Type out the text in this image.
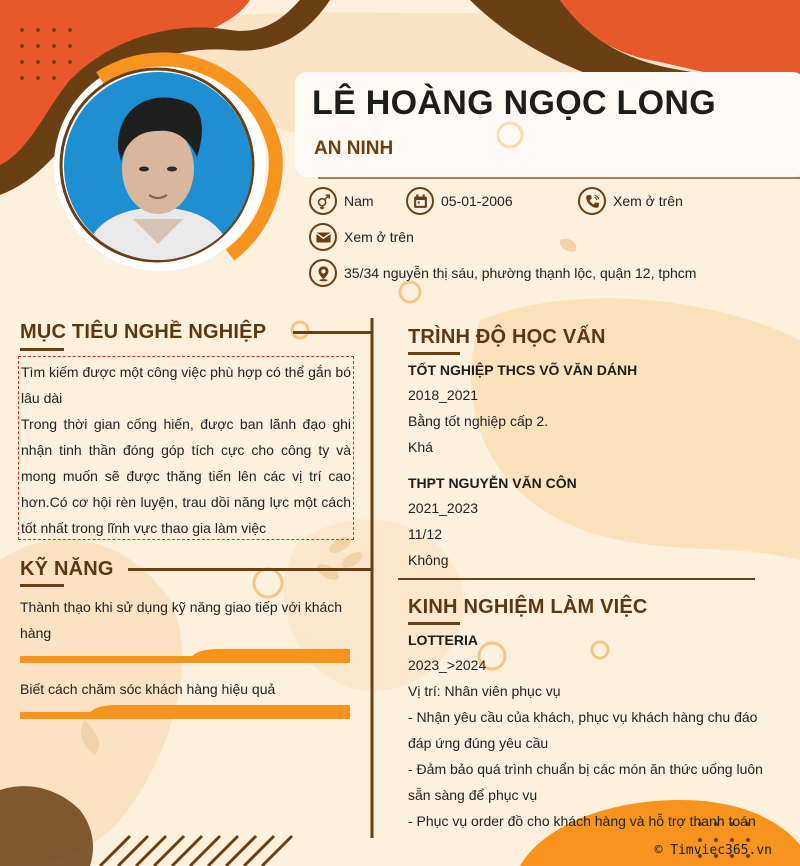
LÊ HOÀNG NGỌC LONG
AN NINH
Nam	05-01-2006	Xem ở trên
Xem ở trên
35/34 nguyễn thị sáu, phường thạnh lộc, quận 12, tphcm
MỤC TIÊU NGHỀ NGHIỆP

Tìm kiếm được một công việc phù hợp có thể gắn bó lâu dài

Trong thời gian cống hiến, được ban lãnh đạo ghi nhận tinh thần đóng góp tích cực cho công ty và mong muốn sẽ được thăng tiến lên các vị trí cao hơn.Có cơ hội rèn luyện, trau dồi năng lực một cách tốt nhất trong lĩnh vực thao gia làm việc

KỸ NĂNG
Thành thạo khi sử dụng kỹ năng giao tiếp với khách hàng
Biết cách chăm sóc khách hàng hiệu quả
TRÌNH ĐỘ HỌC VẤN
TỐT NGHIỆP THCS VÕ VĂN DÁNH
2018_2021
Bằng tốt nghiệp cấp 2.
Khá
THPT NGUYỄN VĂN CÔN
2021_2023
11/12
Không
KINH NGHIỆM LÀM VIỆC
LOTTERIA
2023_>2024
Vị trí: Nhân viên phục vụ
- Nhận yêu cầu của khách, phục vụ khách hàng chu đáo đáp ứng đúng yêu cầu
- Đảm bảo quá trình chuẩn bị các món ăn thức uống luôn sẵn sàng để phục vụ
- Phục vụ order đồ cho khách hàng và hỗ trợ thanh toán
© Timviec365.vn
